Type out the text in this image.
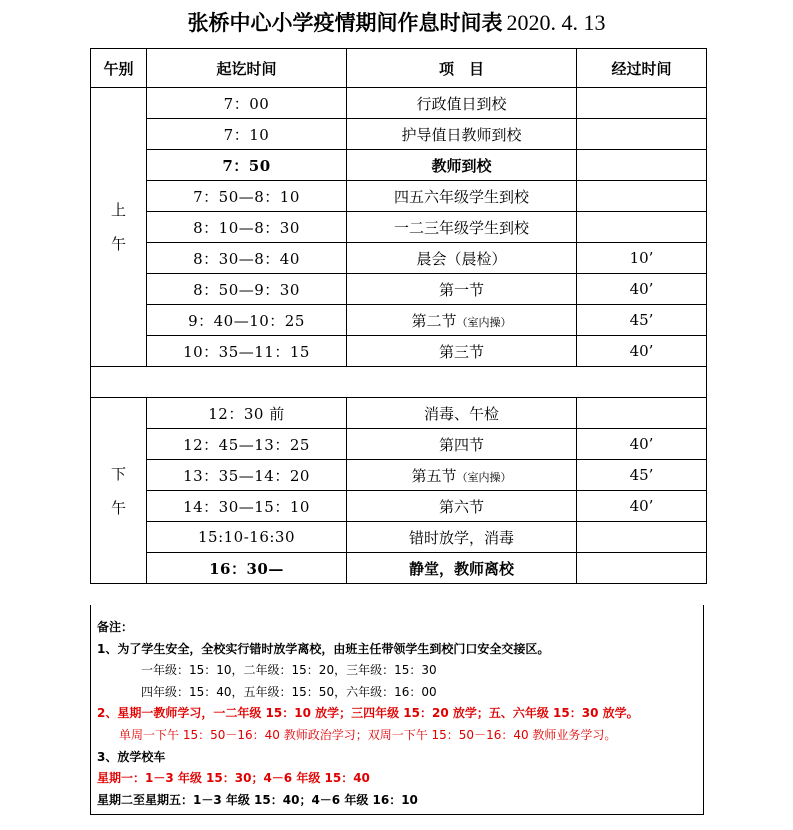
张桥中心小学疫情期间作息时间表 2020. 4. 13
午别	起讫时间	项　目	经过时间

上
午	7：00	行政值日到校	
	7：10	护导值日教师到校	
	7：50	教师到校	
	7：50—8：10	四五六年级学生到校	
	8：10—8：30	一二三年级学生到校	
	8：30—8：40	晨会（晨检）	10’
	8：50—9：30	第一节	40’
	9：40—10：25	第二节（室内操）	45’
	10：35—11：15	第三节	40’

下
午	12：30 前	消毒、午检	
	12：45—13：25	第四节	40’
	13：35—14：20	第五节（室内操）	45’
	14：30—15：10	第六节	40’
	15:10-16:30	错时放学，消毒	
	16：30—	静堂，教师离校	
备注：
1、为了学生安全，全校实行错时放学离校，由班主任带领学生到校门口安全交接区。
一年级：15：10，二年级：15：20，三年级：15：30
四年级：15：40，五年级：15：50，六年级：16：00
2、星期一教师学习，一二年级 15：10 放学；三四年级 15：20 放学；五、六年级 15：30 放学。
单周一下午 15：50－16：40 教师政治学习；双周一下午 15：50－16：40 教师业务学习。
3、放学校车
星期一：1－3 年级 15：30；4－6 年级 15：40
星期二至星期五：1－3 年级 15：40；4－6 年级 16：10
